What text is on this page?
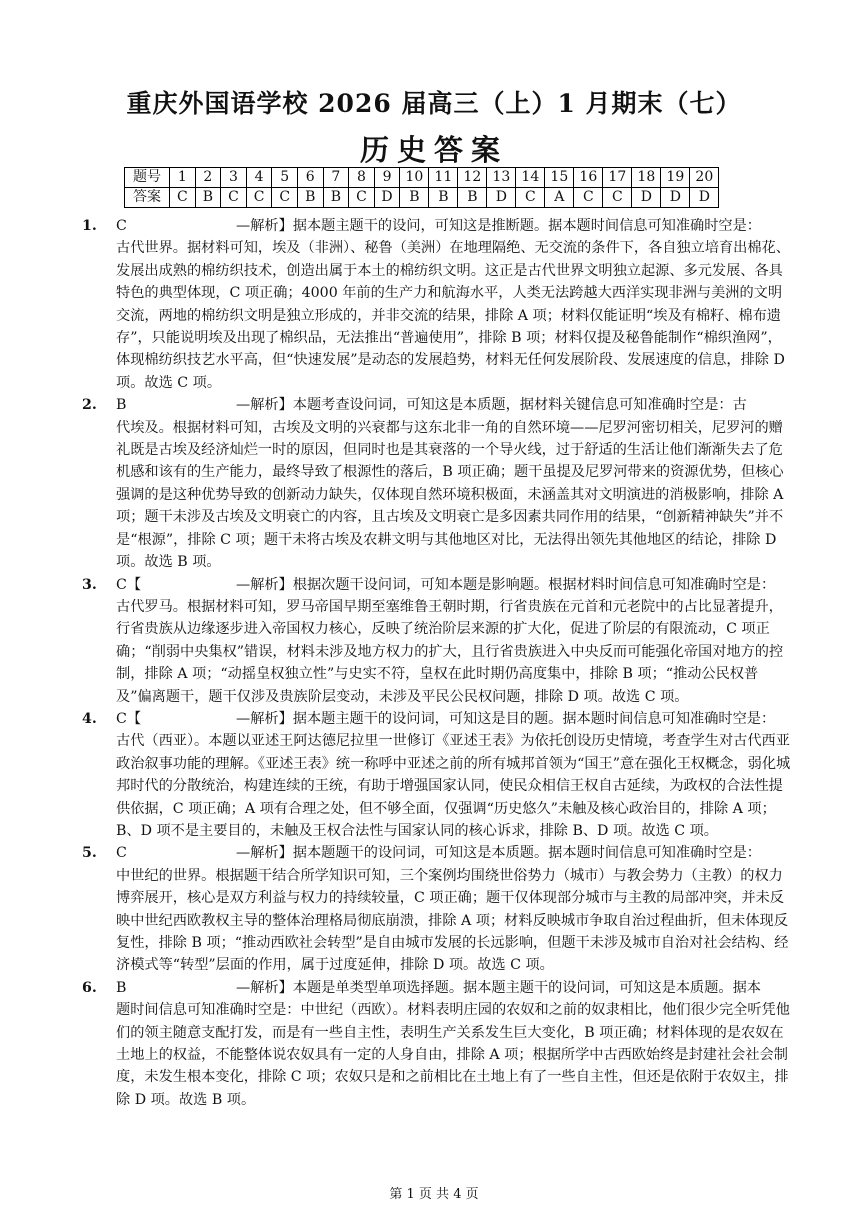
重庆外国语学校 2026 届高三（上）1 月期末（七）
历史答案
题号	1	2	3	4	5	6	7	8	9	10	11	12	13	14	15	16	17	18	19	20
答案	C	B	C	C	C	B	B	C	D	B	B	B	D	C	A	C	C	D	D	D
1. C	—解析】据本题主题干的设问，可知这是推断题。据本题时间信息可知准确时空是：
古代世界。据材料可知，埃及（非洲）、秘鲁（美洲）在地理隔绝、无交流的条件下，各自独立培育出棉花、发展出成熟的棉纺织技术，创造出属于本土的棉纺织文明。这正是古代世界文明独立起源、多元发展、各具特色的典型体现，C 项正确；4000 年前的生产力和航海水平，人类无法跨越大西洋实现非洲与美洲的文明交流，两地的棉纺织文明是独立形成的，并非交流的结果，排除 A 项；材料仅能证明“埃及有棉籽、棉布遗存”，只能说明埃及出现了棉织品，无法推出“普遍使用”，排除 B 项；材料仅提及秘鲁能制作“棉织渔网”，体现棉纺织技艺水平高，但“快速发展”是动态的发展趋势，材料无任何发展阶段、发展速度的信息，排除 D 项。故选 C 项。
2. B	—解析】本题考查设问词，可知这是本质题，据材料关键信息可知准确时空是：古
代埃及。根据材料可知，古埃及文明的兴衰都与这东北非一角的自然环境——尼罗河密切相关，尼罗河的赠礼既是古埃及经济灿烂一时的原因，但同时也是其衰落的一个导火线，过于舒适的生活让他们渐渐失去了危机感和该有的生产能力，最终导致了根源性的落后，B 项正确；题干虽提及尼罗河带来的资源优势，但核心强调的是这种优势导致的创新动力缺失，仅体现自然环境积极面，未涵盖其对文明演进的消极影响，排除 A 项；题干未涉及古埃及文明衰亡的内容，且古埃及文明衰亡是多因素共同作用的结果，“创新精神缺失”并不是“根源”，排除 C 项；题干未将古埃及农耕文明与其他地区对比，无法得出领先其他地区的结论，排除 D 项。故选 B 项。
3. C【	—解析】根据次题干设问词，可知本题是影响题。根据材料时间信息可知准确时空是：
古代罗马。根据材料可知，罗马帝国早期至塞维鲁王朝时期，行省贵族在元首和元老院中的占比显著提升，行省贵族从边缘逐步进入帝国权力核心，反映了统治阶层来源的扩大化，促进了阶层的有限流动，C 项正确；“削弱中央集权”错误，材料未涉及地方权力的扩大，且行省贵族进入中央反而可能强化帝国对地方的控制，排除 A 项；“动摇皇权独立性”与史实不符，皇权在此时期仍高度集中，排除 B 项；“推动公民权普及”偏离题干，题干仅涉及贵族阶层变动，未涉及平民公民权问题，排除 D 项。故选 C 项。
4. C【	—解析】据本题主题干的设问词，可知这是目的题。据本题时间信息可知准确时空是：
古代（西亚）。本题以亚述王阿达德尼拉里一世修订《亚述王表》为依托创设历史情境，考查学生对古代西亚政治叙事功能的理解。《亚述王表》统一称呼中亚述之前的所有城邦首领为“国王”意在强化王权概念，弱化城邦时代的分散统治，构建连续的王统，有助于增强国家认同，使民众相信王权自古延续，为政权的合法性提供依据，C 项正确；A 项有合理之处，但不够全面，仅强调“历史悠久”未触及核心政治目的，排除 A 项；B、D 项不是主要目的，未触及王权合法性与国家认同的核心诉求，排除 B、D 项。故选 C 项。
5. C	—解析】据本题题干的设问词，可知这是本质题。据本题时间信息可知准确时空是：
中世纪的世界。根据题干结合所学知识可知，三个案例均围绕世俗势力（城市）与教会势力（主教）的权力博弈展开，核心是双方利益与权力的持续较量，C 项正确；题干仅体现部分城市与主教的局部冲突，并未反映中世纪西欧教权主导的整体治理格局彻底崩溃，排除 A 项；材料反映城市争取自治过程曲折，但未体现反复性，排除 B 项；“推动西欧社会转型”是自由城市发展的长远影响，但题干未涉及城市自治对社会结构、经济模式等“转型”层面的作用，属于过度延伸，排除 D 项。故选 C 项。
6. B	—解析】本题是单类型单项选择题。据本题主题干的设问词，可知这是本质题。据本
题时间信息可知准确时空是：中世纪（西欧）。材料表明庄园的农奴和之前的奴隶相比，他们很少完全听凭他们的领主随意支配打发，而是有一些自主性，表明生产关系发生巨大变化，B 项正确；材料体现的是农奴在土地上的权益，不能整体说农奴具有一定的人身自由，排除 A 项；根据所学中古西欧始终是封建社会社会制度，未发生根本变化，排除 C 项；农奴只是和之前相比在土地上有了一些自主性，但还是依附于农奴主，排除 D 项。故选 B 项。
第 1 页 共 4 页
